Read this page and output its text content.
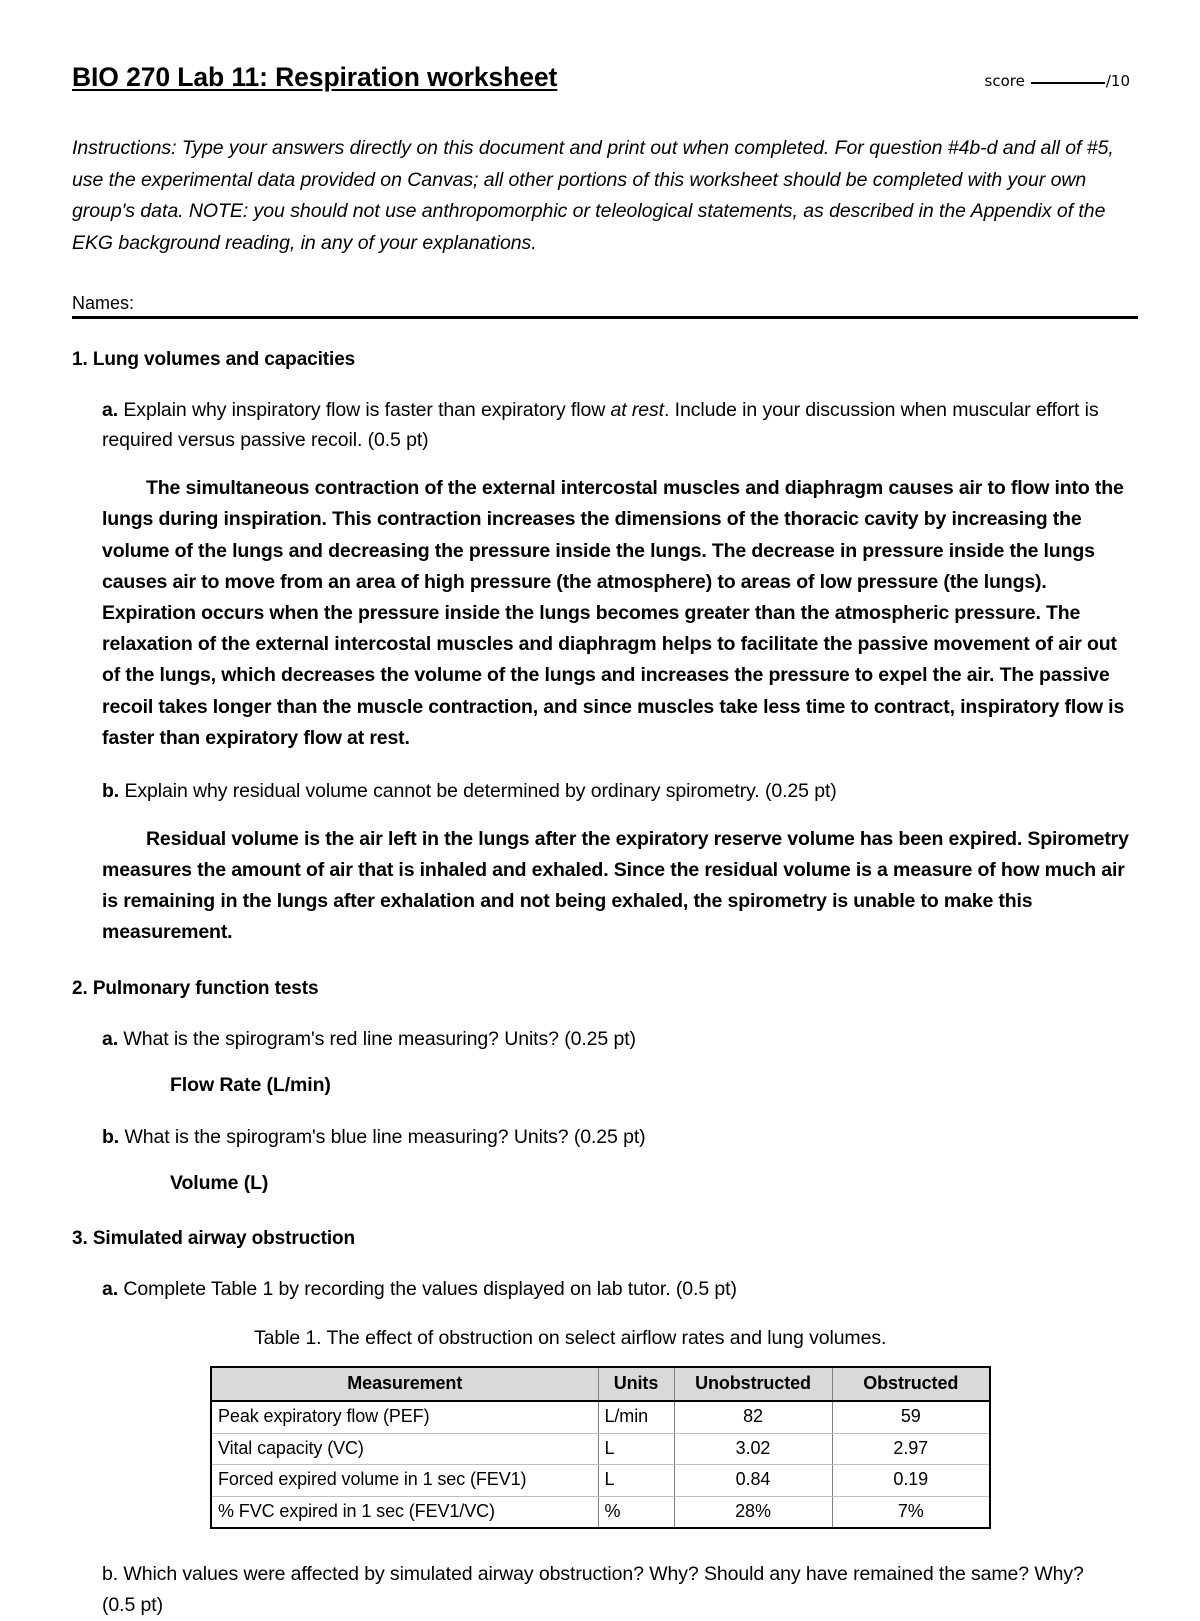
BIO 270 Lab 11: Respiration worksheet	score	/10
Instructions: Type your answers directly on this document and print out when completed. For question #4b-d and all of #5, use the experimental data provided on Canvas; all other portions of this worksheet should be completed with your own group's data. NOTE: you should not use anthropomorphic or teleological statements, as described in the Appendix of the EKG background reading, in any of your explanations.
Names:
1. Lung volumes and capacities
a. Explain why inspiratory flow is faster than expiratory flow at rest. Include in your discussion when muscular effort is required versus passive recoil. (0.5 pt)
The simultaneous contraction of the external intercostal muscles and diaphragm causes air to flow into the lungs during inspiration. This contraction increases the dimensions of the thoracic cavity by increasing the volume of the lungs and decreasing the pressure inside the lungs. The decrease in pressure inside the lungs causes air to move from an area of high pressure (the atmosphere) to areas of low pressure (the lungs). Expiration occurs when the pressure inside the lungs becomes greater than the atmospheric pressure. The relaxation of the external intercostal muscles and diaphragm helps to facilitate the passive movement of air out of the lungs, which decreases the volume of the lungs and increases the pressure to expel the air. The passive recoil takes longer than the muscle contraction, and since muscles take less time to contract, inspiratory flow is faster than expiratory flow at rest.
b. Explain why residual volume cannot be determined by ordinary spirometry. (0.25 pt)
Residual volume is the air left in the lungs after the expiratory reserve volume has been expired. Spirometry measures the amount of air that is inhaled and exhaled. Since the residual volume is a measure of how much air is remaining in the lungs after exhalation and not being exhaled, the spirometry is unable to make this measurement.
2. Pulmonary function tests
a. What is the spirogram's red line measuring? Units? (0.25 pt)
Flow Rate (L/min)
b. What is the spirogram's blue line measuring? Units? (0.25 pt)
Volume (L)
3. Simulated airway obstruction
a. Complete Table 1 by recording the values displayed on lab tutor. (0.5 pt)
Table 1. The effect of obstruction on select airflow rates and lung volumes.
Measurement	Units	Unobstructed	Obstructed
Peak expiratory flow (PEF)	L/min	82	59
Vital capacity (VC)	L	3.02	2.97
Forced expired volume in 1 sec (FEV1)	L	0.84	0.19
% FVC expired in 1 sec (FEV1/VC)	%	28%	7%
b. Which values were affected by simulated airway obstruction? Why? Should any have remained the same? Why? (0.5 pt)
